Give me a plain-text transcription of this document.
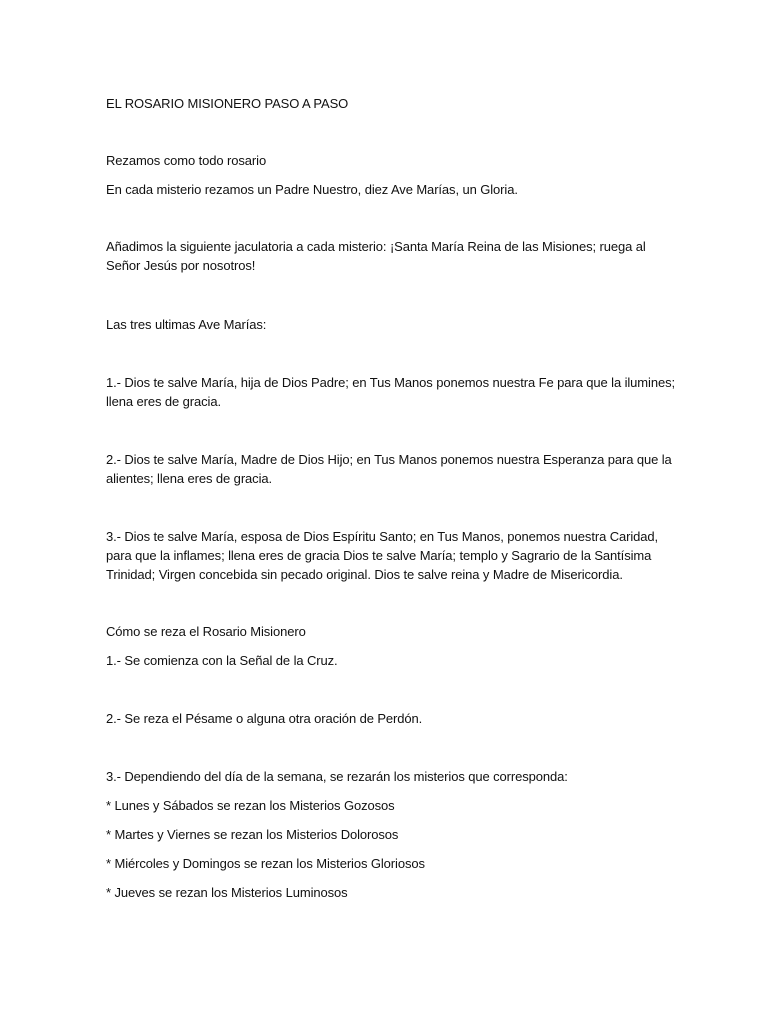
EL ROSARIO MISIONERO PASO A PASO
Rezamos como todo rosario
En cada misterio rezamos un Padre Nuestro, diez Ave Marías, un Gloria.
Añadimos la siguiente jaculatoria a cada misterio: ¡Santa María Reina de las Misiones; ruega al
Señor Jesús por nosotros!
Las tres ultimas Ave Marías:
1.- Dios te salve María, hija de Dios Padre; en Tus Manos ponemos nuestra Fe para que la ilumines;
llena eres de gracia.
2.- Dios te salve María, Madre de Dios Hijo; en Tus Manos ponemos nuestra Esperanza para que la
alientes; llena eres de gracia.
3.- Dios te salve María, esposa de Dios Espíritu Santo; en Tus Manos, ponemos nuestra Caridad,
para que la inflames; llena eres de gracia Dios te salve María; templo y Sagrario de la Santísima
Trinidad; Virgen concebida sin pecado original. Dios te salve reina y Madre de Misericordia.
Cómo se reza el Rosario Misionero
1.- Se comienza con la Señal de la Cruz.
2.- Se reza el Pésame o alguna otra oración de Perdón.
3.- Dependiendo del día de la semana, se rezarán los misterios que corresponda:
* Lunes y Sábados se rezan los Misterios Gozosos
* Martes y Viernes se rezan los Misterios Dolorosos
* Miércoles y Domingos se rezan los Misterios Gloriosos
* Jueves se rezan los Misterios Luminosos
